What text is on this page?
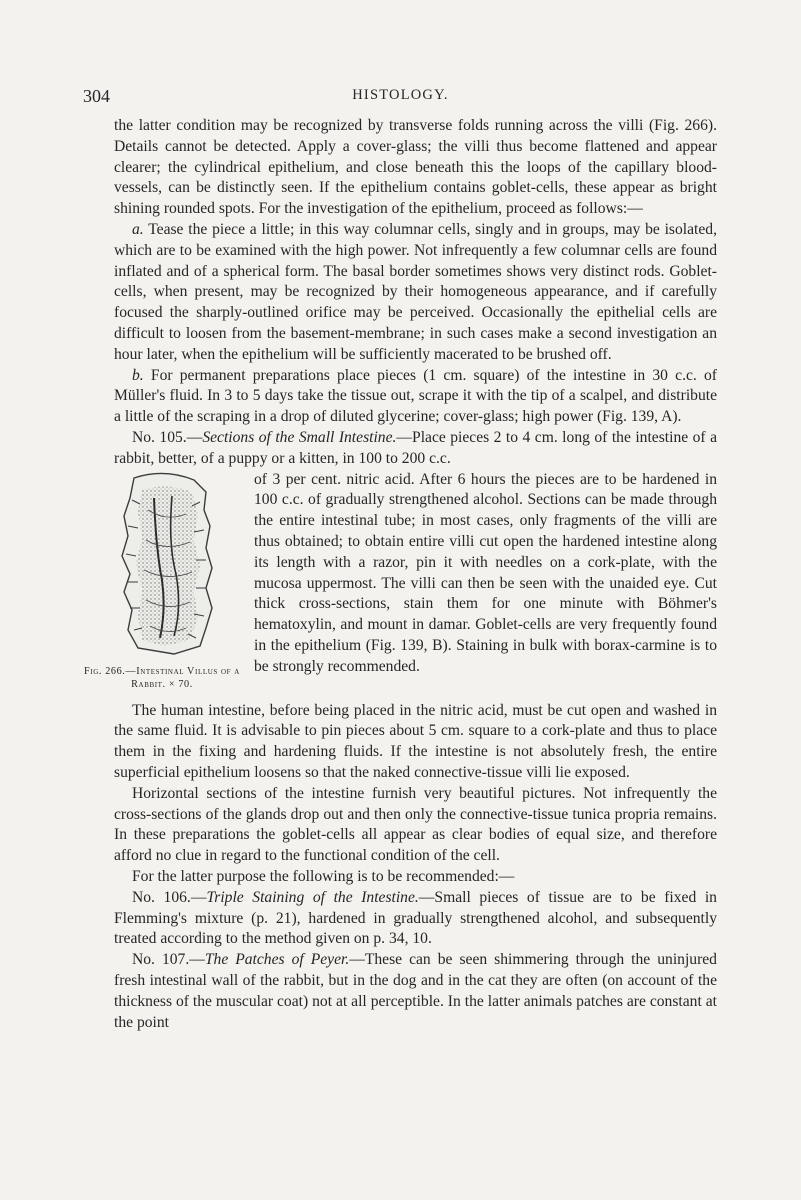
304	HISTOLOGY.

the latter condition may be recognized by transverse folds running across the villi (Fig. 266). Details cannot be detected. Apply a cover-glass; the villi thus become flattened and appear clearer; the cylindrical epithelium, and close beneath this the loops of the capillary blood-vessels, can be distinctly seen. If the epithelium contains goblet-cells, these appear as bright shining rounded spots. For the investigation of the epithelium, proceed as follows:—

a. Tease the piece a little; in this way columnar cells, singly and in groups, may be isolated, which are to be examined with the high power. Not infrequently a few columnar cells are found inflated and of a spherical form. The basal border sometimes shows very distinct rods. Goblet-cells, when present, may be recognized by their homogeneous appearance, and if carefully focused the sharply-outlined orifice may be perceived. Occasionally the epithelial cells are difficult to loosen from the basement-membrane; in such cases make a second investigation an hour later, when the epithelium will be sufficiently macerated to be brushed off.

b. For permanent preparations place pieces (1 cm. square) of the intestine in 30 c.c. of Müller's fluid. In 3 to 5 days take the tissue out, scrape it with the tip of a scalpel, and distribute a little of the scraping in a drop of diluted glycerine; cover-glass; high power (Fig. 139, A).

No. 105.—Sections of the Small Intestine.—Place pieces 2 to 4 cm. long of the intestine of a rabbit, better, of a puppy or a kitten, in 100 to 200 c.c.

Fig. 266.—Intestinal Villus of a Rabbit. × 70.

of 3 per cent. nitric acid. After 6 hours the pieces are to be hardened in 100 c.c. of gradually strengthened alcohol. Sections can be made through the entire intestinal tube; in most cases, only fragments of the villi are thus obtained; to obtain entire villi cut open the hardened intestine along its length with a razor, pin it with needles on a cork-plate, with the mucosa uppermost. The villi can then be seen with the unaided eye. Cut thick cross-sections, stain them for one minute with Böhmer's hematoxylin, and mount in damar. Goblet-cells are very frequently found in the epithelium (Fig. 139, B). Staining in bulk with borax-carmine is to be strongly recommended.

The human intestine, before being placed in the nitric acid, must be cut open and washed in the same fluid. It is advisable to pin pieces about 5 cm. square to a cork-plate and thus to place them in the fixing and hardening fluids. If the intestine is not absolutely fresh, the entire superficial epithelium loosens so that the naked connective-tissue villi lie exposed.

Horizontal sections of the intestine furnish very beautiful pictures. Not infrequently the cross-sections of the glands drop out and then only the connective-tissue tunica propria remains. In these preparations the goblet-cells all appear as clear bodies of equal size, and therefore afford no clue in regard to the functional condition of the cell.

For the latter purpose the following is to be recommended:—

No. 106.—Triple Staining of the Intestine.—Small pieces of tissue are to be fixed in Flemming's mixture (p. 21), hardened in gradually strengthened alcohol, and subsequently treated according to the method given on p. 34, 10.

No. 107.—The Patches of Peyer.—These can be seen shimmering through the uninjured fresh intestinal wall of the rabbit, but in the dog and in the cat they are often (on account of the thickness of the muscular coat) not at all perceptible. In the latter animals patches are constant at the point
